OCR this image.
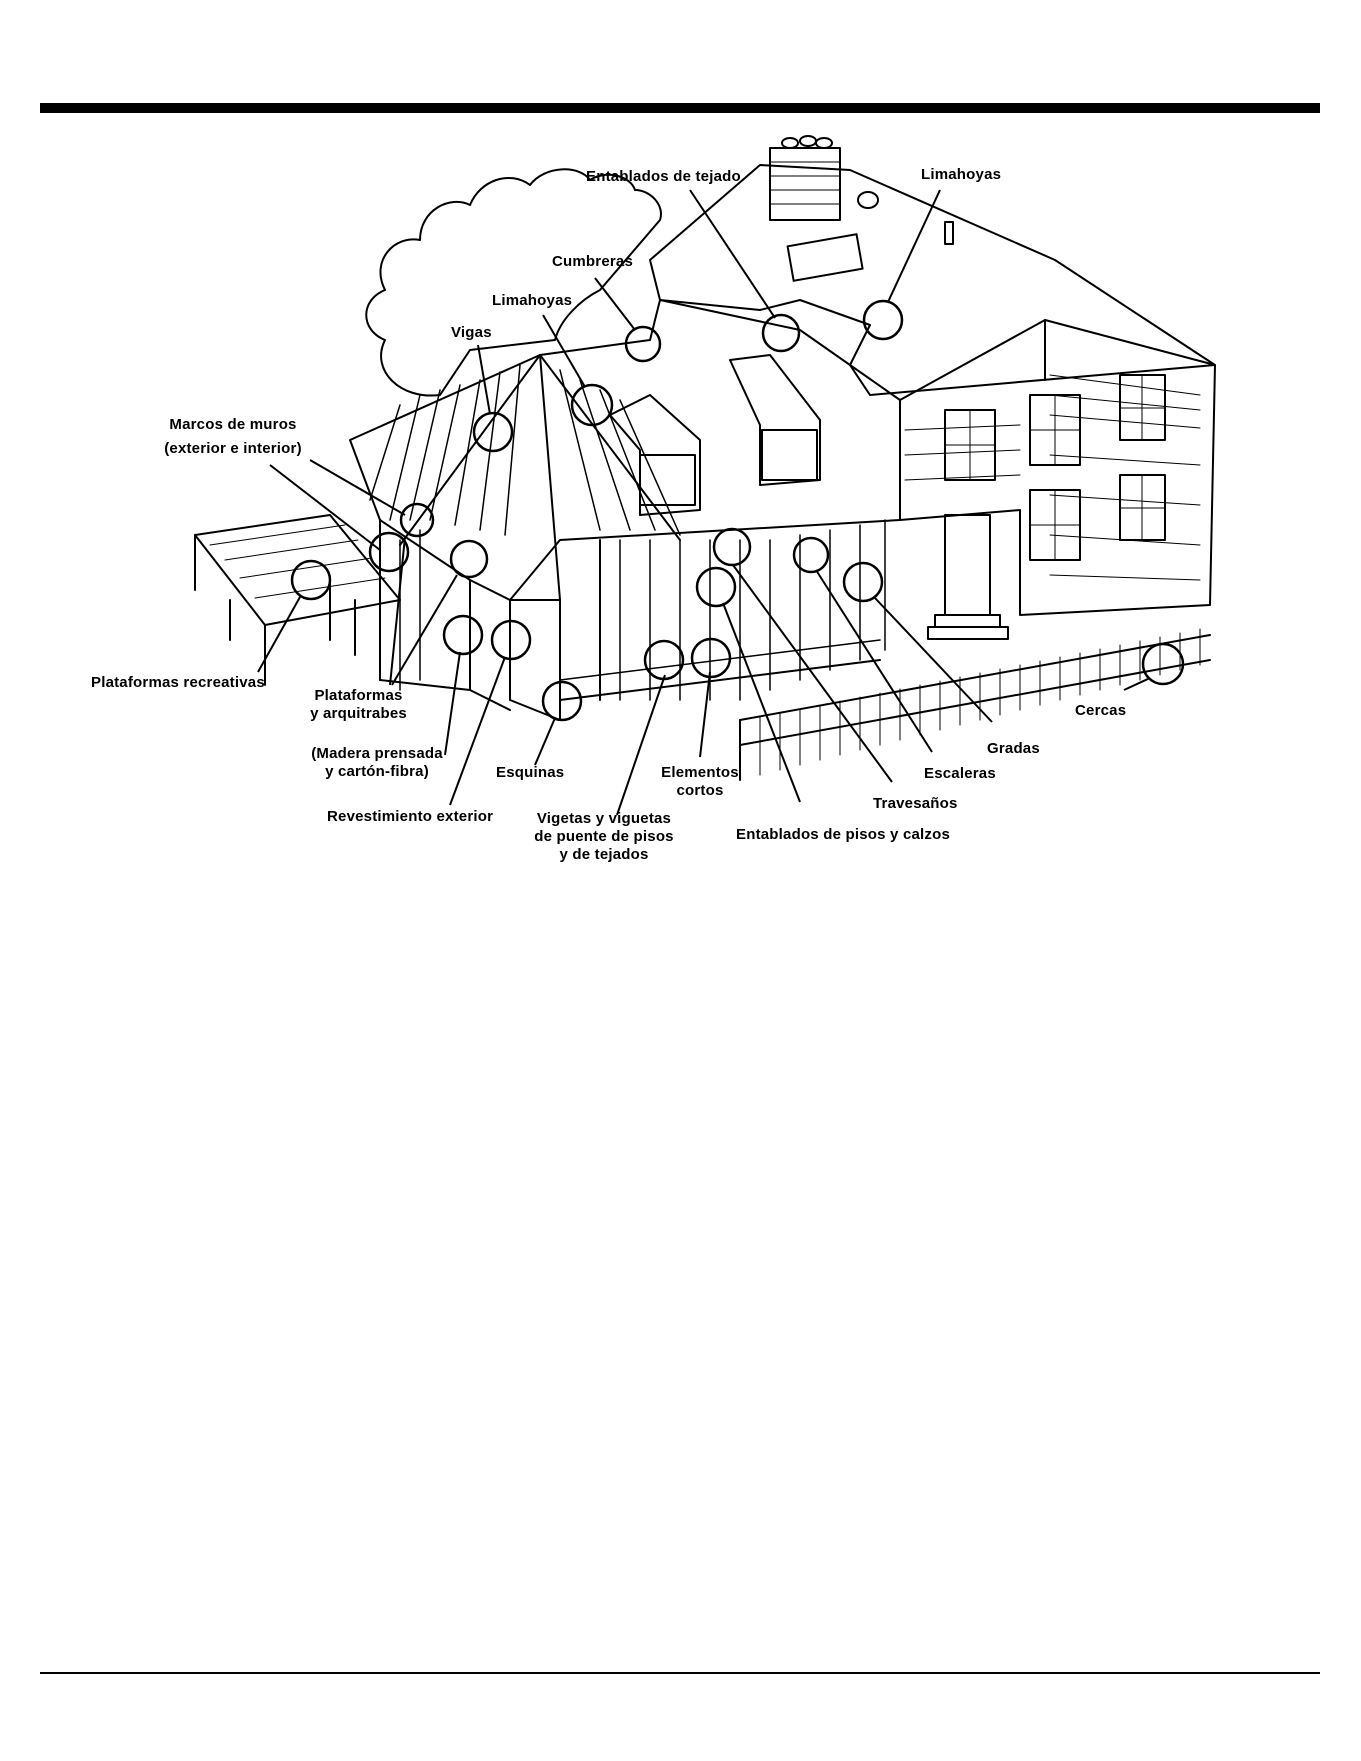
Entablados de tejado	Limahoyas
Cumbreras
Limahoyas
Vigas
Marcos de muros
(exterior e interior)
Plataformas recreativas
Plataformas
y arquitrabes
(Madera prensada
y cartón-fibra)	Esquinas
Revestimiento exterior	Vigetas y viguetas
de puente de pisos
y de tejados
Elementos
cortos
Entablados de pisos y calzos
Travesaños
Escaleras
Gradas
Cercas
